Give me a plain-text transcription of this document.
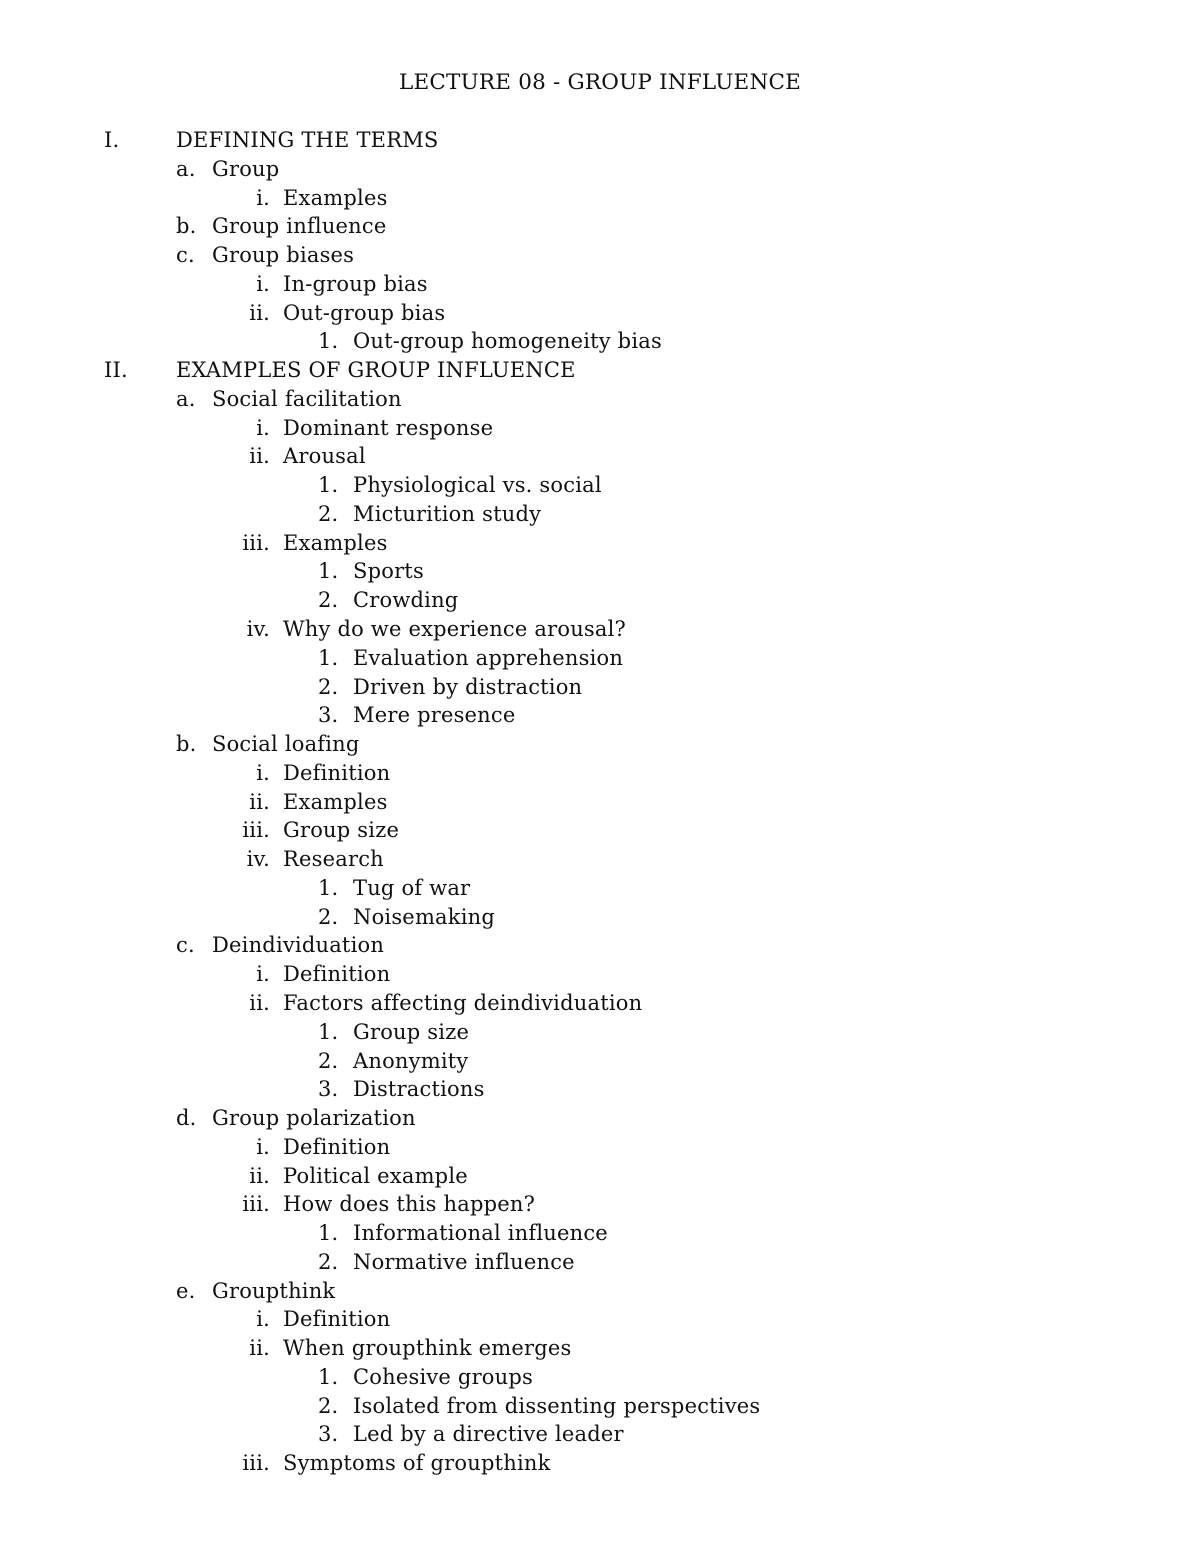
LECTURE 08 - GROUP INFLUENCE
I.	DEFINING THE TERMS
a. Group
i. Examples
b. Group influence
c. Group biases
i. In-group bias
ii. Out-group bias
1. Out-group homogeneity bias
II. EXAMPLES OF GROUP INFLUENCE
a. Social facilitation
i. Dominant response
ii. Arousal
1. Physiological vs. social
2. Micturition study
iii. Examples
1. Sports
2. Crowding
iv. Why do we experience arousal?
1. Evaluation apprehension
2. Driven by distraction
3. Mere presence
b. Social loafing
i. Definition
ii. Examples
iii. Group size
iv. Research
1. Tug of war
2. Noisemaking
c. Deindividuation
i. Definition
ii. Factors affecting deindividuation
1. Group size
2. Anonymity
3. Distractions
d. Group polarization
i. Definition
ii. Political example
iii. How does this happen?
1. Informational influence
2. Normative influence
e. Groupthink
i. Definition
ii. When groupthink emerges
1. Cohesive groups
2. Isolated from dissenting perspectives
3. Led by a directive leader
iii. Symptoms of groupthink
